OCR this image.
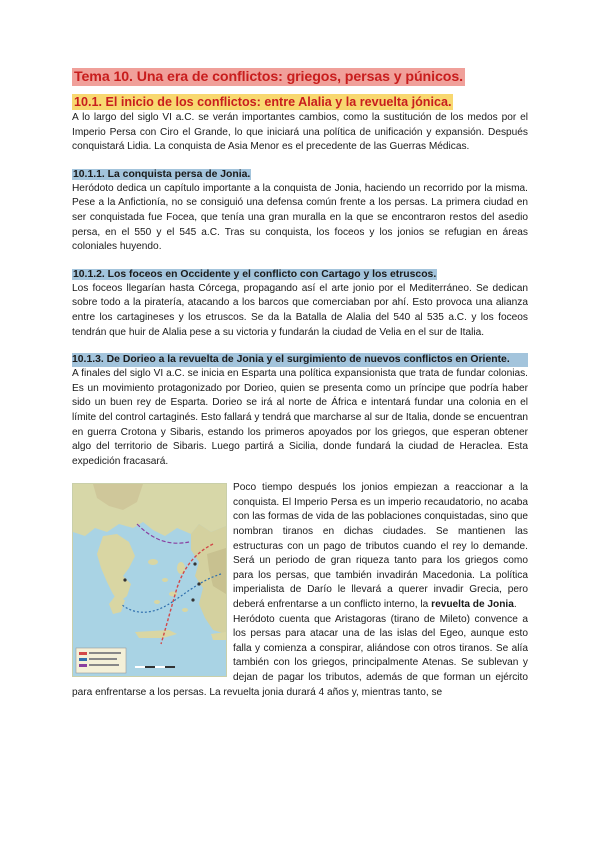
Tema 10. Una era de conflictos: griegos, persas y púnicos.
10.1. El inicio de los conflictos: entre Alalia y la revuelta jónica.

A lo largo del siglo VI a.C. se verán importantes cambios, como la sustitución de los medos por el Imperio Persa con Ciro el Grande, lo que iniciará una política de unificación y expansión. Después conquistará Lidia. La conquista de Asia Menor es el precedente de las Guerras Médicas.

10.1.1. La conquista persa de Jonia.

Heródoto dedica un capítulo importante a la conquista de Jonia, haciendo un recorrido por la misma. Pese a la Anfictionía, no se consiguió una defensa común frente a los persas. La primera ciudad en ser conquistada fue Focea, que tenía una gran muralla en la que se encontraron restos del asedio persa, en el 550 y el 545 a.C. Tras su conquista, los foceos y los jonios se refugian en áreas coloniales huyendo.

10.1.2. Los foceos en Occidente y el conflicto con Cartago y los etruscos.

Los foceos llegarían hasta Córcega, propagando así el arte jonio por el Mediterráneo. Se dedican sobre todo a la piratería, atacando a los barcos que comerciaban por ahí. Esto provoca una alianza entre los cartagineses y los etruscos. Se da la Batalla de Alalia del 540 al 535 a.C. y los foceos tendrán que huir de Alalia pese a su victoria y fundarán la ciudad de Velia en el sur de Italia.

10.1.3. De Dorieo a la revuelta de Jonia y el surgimiento de nuevos conflictos en Oriente.

A finales del siglo VI a.C. se inicia en Esparta una política expansionista que trata de fundar colonias. Es un movimiento protagonizado por Dorieo, quien se presenta como un príncipe que podría haber sido un buen rey de Esparta. Dorieo se irá al norte de África e intentará fundar una colonia en el límite del control cartaginés. Esto fallará y tendrá que marcharse al sur de Italia, donde se encuentran en guerra Crotona y Sibaris, estando los primeros apoyados por los griegos, que esperan obtener algo del territorio de Sibaris. Luego partirá a Sicilia, donde fundará la ciudad de Heraclea. Esta expedición fracasará.

Poco tiempo después los jonios empiezan a reaccionar a la conquista. El Imperio Persa es un imperio recaudatorio, no acaba con las formas de vida de las poblaciones conquistadas, sino que nombran tiranos en dichas ciudades. Se mantienen las estructuras con un pago de tributos cuando el rey lo demande. Será un periodo de gran riqueza tanto para los griegos como para los persas, que también invadirán Macedonia. La política imperialista de Darío le llevará a querer invadir Grecia, pero deberá enfrentarse a un conflicto interno, la revuelta de Jonia.

Heródoto cuenta que Aristagoras (tirano de Mileto) convence a los persas para atacar una de las islas del Egeo, aunque esto falla y comienza a conspirar, aliándose con otros tiranos. Se alía también con los griegos, principalmente Atenas. Se sublevan y dejan de pagar los tributos, además de que forman un ejército para enfrentarse a los persas. La revuelta jonia durará 4 años y, mientras tanto, se
